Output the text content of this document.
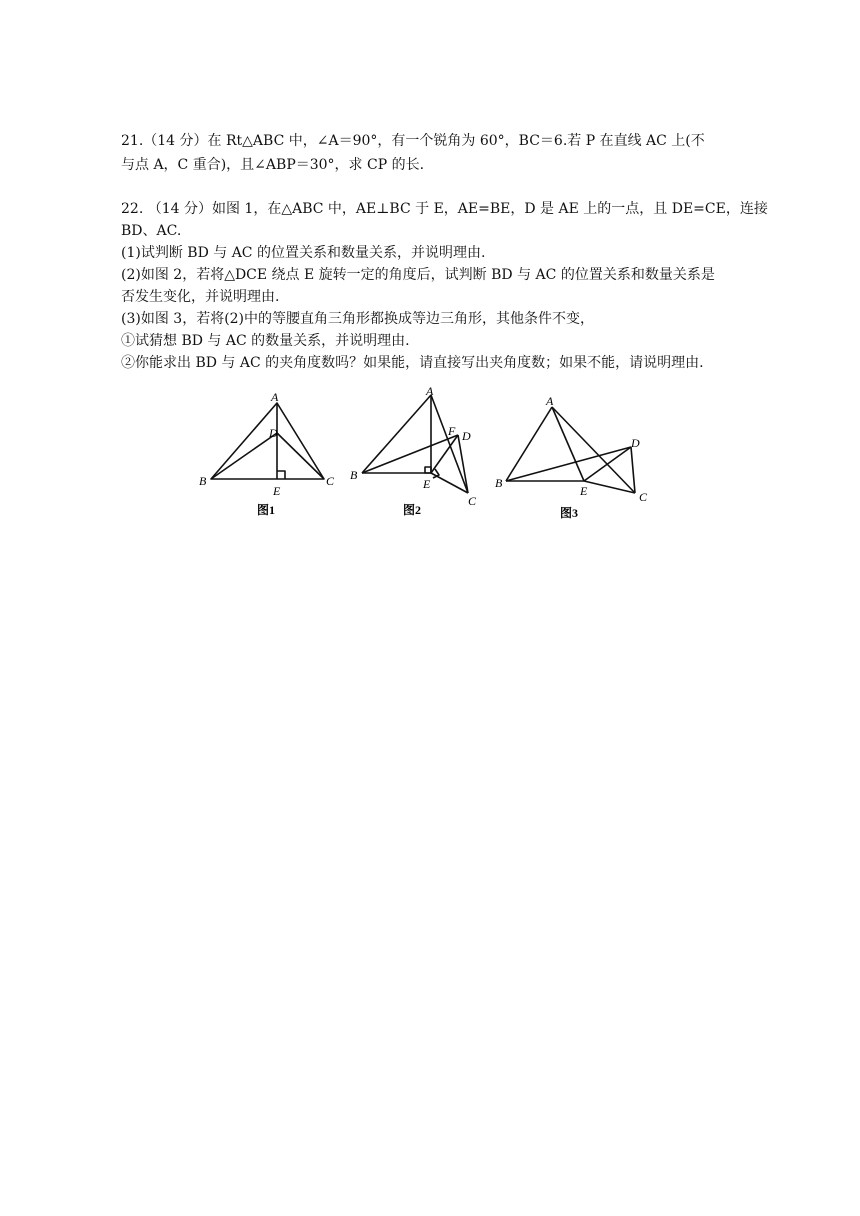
21.（14 分）在 Rt△ABC 中，∠A＝90°，有一个锐角为 60°，BC＝6.若 P 在直线 AC 上(不
与点 A，C 重合)，且∠ABP＝30°，求 CP 的长.
22. （14 分）如图 1，在△ABC 中，AE⊥BC 于 E，AE=BE，D 是 AE 上的一点，且 DE=CE，连接
BD、AC.
(1)试判断 BD 与 AC 的位置关系和数量关系，并说明理由.
(2)如图 2，若将△DCE 绕点 E 旋转一定的角度后，试判断 BD 与 AC 的位置关系和数量关系是
否发生变化，并说明理由.
(3)如图 3，若将(2)中的等腰直角三角形都换成等边三角形，其他条件不变，
①试猜想 BD 与 AC 的数量关系，并说明理由.
②你能求出 BD 与 AC 的夹角度数吗？如果能，请直接写出夹角度数；如果不能，请说明理由.
A
D
B	C
E
图1
A
F D
B
E
C
图2
A
D
B
E	C
图3
